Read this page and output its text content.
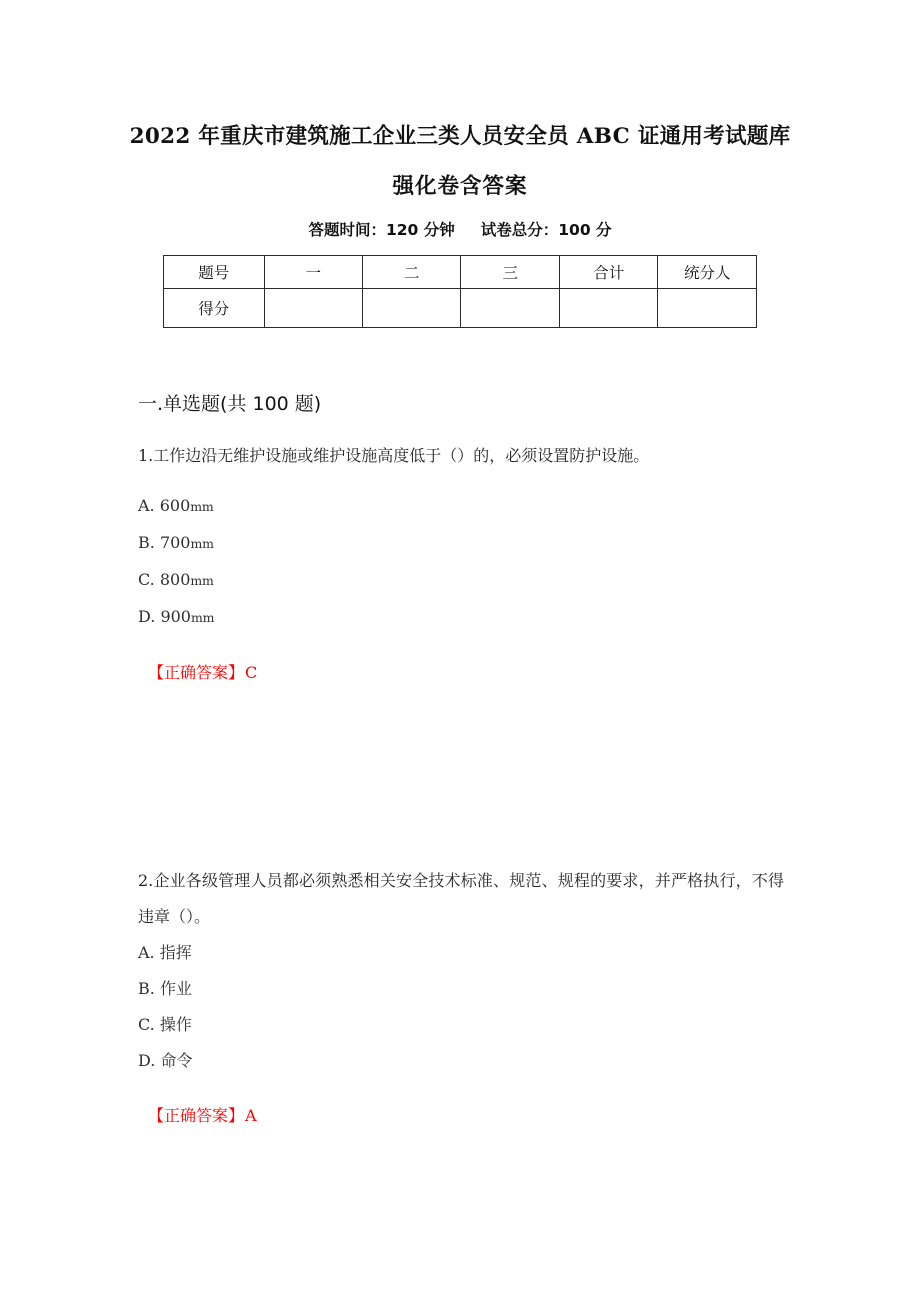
2022 年重庆市建筑施工企业三类人员安全员 ABC 证通用考试题库
强化卷含答案
答题时间：120 分钟 试卷总分：100 分
题号	一	二	三	合计	统分人
得分					
一.单选题(共 100 题)
1.工作边沿无维护设施或维护设施高度低于（）的，必须设置防护设施。
A. 600mm
B. 700mm
C. 800mm
D. 900mm
【正确答案】C
2.企业各级管理人员都必须熟悉相关安全技术标准、规范、规程的要求，并严格执行，不得违章（）。
A. 指挥
B. 作业
C. 操作
D. 命令
【正确答案】A
